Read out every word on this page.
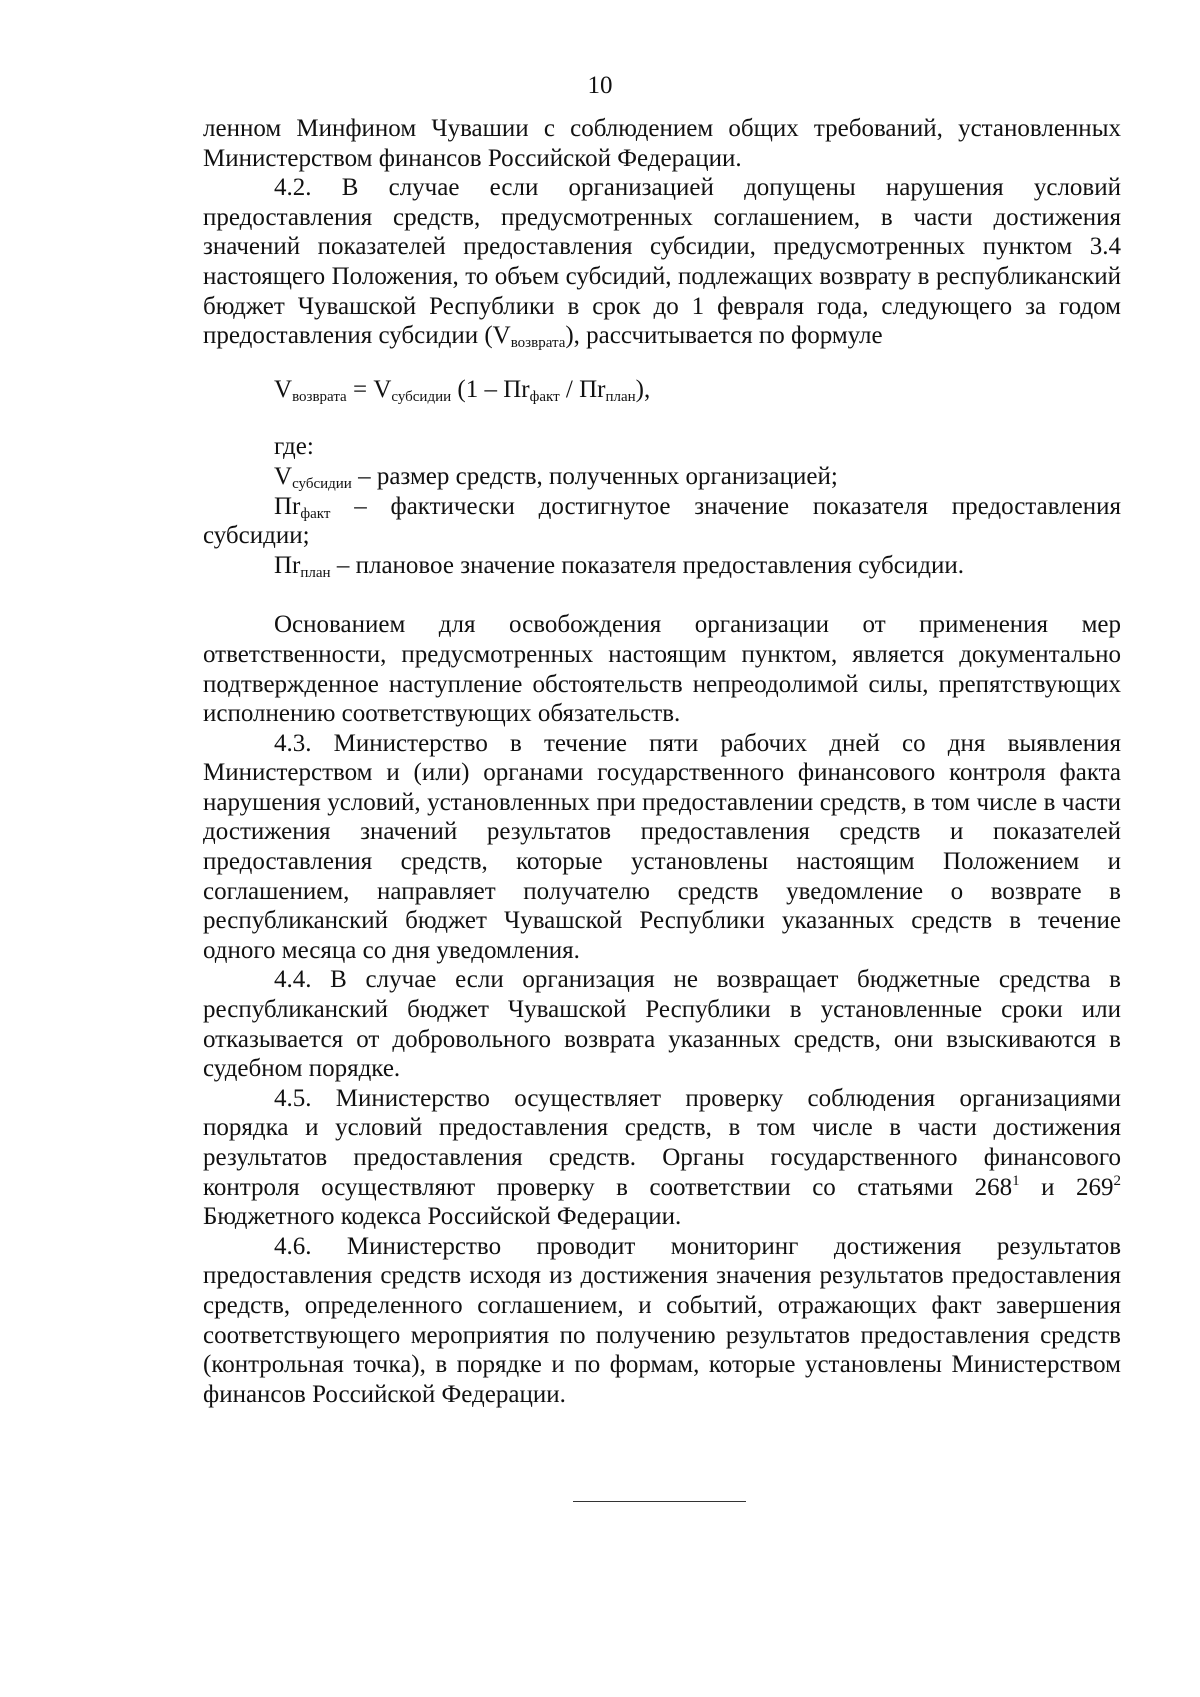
10

ленном Минфином Чувашии с соблюдением общих требований, установленных Министерством финансов Российской Федерации.

4.2. В случае если организацией допущены нарушения условий предоставления средств, предусмотренных соглашением, в части достижения значений показателей предоставления субсидии, предусмотренных пунктом 3.4 настоящего Положения, то объем субсидий, подлежащих возврату в республиканский бюджет Чувашской Республики в срок до 1 февраля года, следующего за годом предоставления субсидии $(V_{возврата})$, рассчитывается по формуле

$V_{возврата} = V_{субсидии}$ $(1 - Пr_{факт} / Пr_{план})$,

где:

$V_{субсидии}$ – размер средств, полученных организацией;

$Пr_{факт}$ – фактически достигнутое значение показателя предоставления субсидии;

$Пr_{план}$ – плановое значение показателя предоставления субсидии.

Основанием для освобождения организации от применения мер ответственности, предусмотренных настоящим пунктом, является документально подтвержденное наступление обстоятельств непреодолимой силы, препятствующих исполнению соответствующих обязательств.

4.3. Министерство в течение пяти рабочих дней со дня выявления Министерством и (или) органами государственного финансового контроля факта нарушения условий, установленных при предоставлении средств, в том числе в части достижения значений результатов предоставления средств и показателей предоставления средств, которые установлены настоящим Положением и соглашением, направляет получателю средств уведомление о возврате в республиканский бюджет Чувашской Республики указанных средств в течение одного месяца со дня уведомления.

4.4. В случае если организация не возвращает бюджетные средства в республиканский бюджет Чувашской Республики в установленные сроки или отказывается от добровольного возврата указанных средств, они взыскиваются в судебном порядке.

4.5. Министерство осуществляет проверку соблюдения организациями порядка и условий предоставления средств, в том числе в части достижения результатов предоставления средств. Органы государственного финансового контроля осуществляют проверку в соответствии со статьями $268^1$ и $269^2$ Бюджетного кодекса Российской Федерации.

4.6. Министерство проводит мониторинг достижения результатов предоставления средств исходя из достижения значения результатов предоставления средств, определенного соглашением, и событий, отражающих факт завершения соответствующего мероприятия по получению результатов предоставления средств (контрольная точка), в порядке и по формам, которые установлены Министерством финансов Российской Федерации.
